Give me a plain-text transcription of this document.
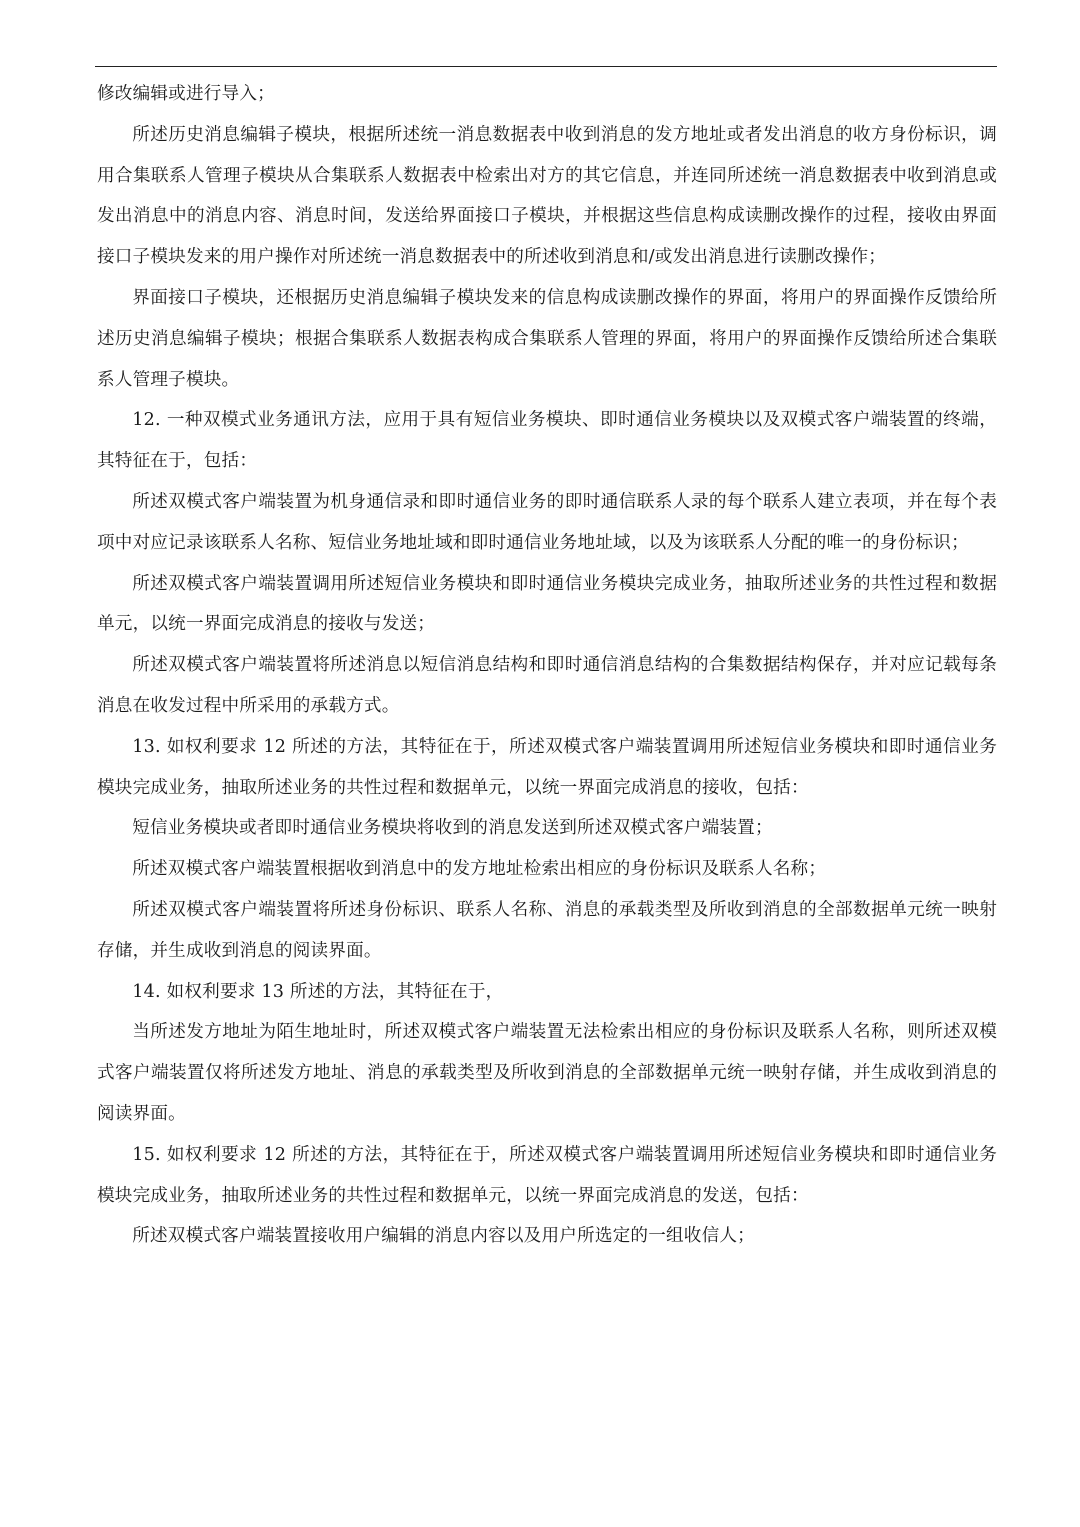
修改编辑或进行导入；

所述历史消息编辑子模块，根据所述统一消息数据表中收到消息的发方地址或者发出消息的收方身份标识，调用合集联系人管理子模块从合集联系人数据表中检索出对方的其它信息，并连同所述统一消息数据表中收到消息或发出消息中的消息内容、消息时间，发送给界面接口子模块，并根据这些信息构成读删改操作的过程，接收由界面接口子模块发来的用户操作对所述统一消息数据表中的所述收到消息和/或发出消息进行读删改操作；

界面接口子模块，还根据历史消息编辑子模块发来的信息构成读删改操作的界面，将用户的界面操作反馈给所述历史消息编辑子模块；根据合集联系人数据表构成合集联系人管理的界面，将用户的界面操作反馈给所述合集联系人管理子模块。

12. 一种双模式业务通讯方法，应用于具有短信业务模块、即时通信业务模块以及双模式客户端装置的终端，其特征在于，包括：

所述双模式客户端装置为机身通信录和即时通信业务的即时通信联系人录的每个联系人建立表项，并在每个表项中对应记录该联系人名称、短信业务地址域和即时通信业务地址域，以及为该联系人分配的唯一的身份标识；

所述双模式客户端装置调用所述短信业务模块和即时通信业务模块完成业务，抽取所述业务的共性过程和数据单元，以统一界面完成消息的接收与发送；

所述双模式客户端装置将所述消息以短信消息结构和即时通信消息结构的合集数据结构保存，并对应记载每条消息在收发过程中所采用的承载方式。

13. 如权利要求 12 所述的方法，其特征在于，所述双模式客户端装置调用所述短信业务模块和即时通信业务模块完成业务，抽取所述业务的共性过程和数据单元，以统一界面完成消息的接收，包括：

短信业务模块或者即时通信业务模块将收到的消息发送到所述双模式客户端装置；

所述双模式客户端装置根据收到消息中的发方地址检索出相应的身份标识及联系人名称；

所述双模式客户端装置将所述身份标识、联系人名称、消息的承载类型及所收到消息的全部数据单元统一映射存储，并生成收到消息的阅读界面。

14. 如权利要求 13 所述的方法，其特征在于，

当所述发方地址为陌生地址时，所述双模式客户端装置无法检索出相应的身份标识及联系人名称，则所述双模式客户端装置仅将所述发方地址、消息的承载类型及所收到消息的全部数据单元统一映射存储，并生成收到消息的阅读界面。

15. 如权利要求 12 所述的方法，其特征在于，所述双模式客户端装置调用所述短信业务模块和即时通信业务模块完成业务，抽取所述业务的共性过程和数据单元，以统一界面完成消息的发送，包括：

所述双模式客户端装置接收用户编辑的消息内容以及用户所选定的一组收信人；
